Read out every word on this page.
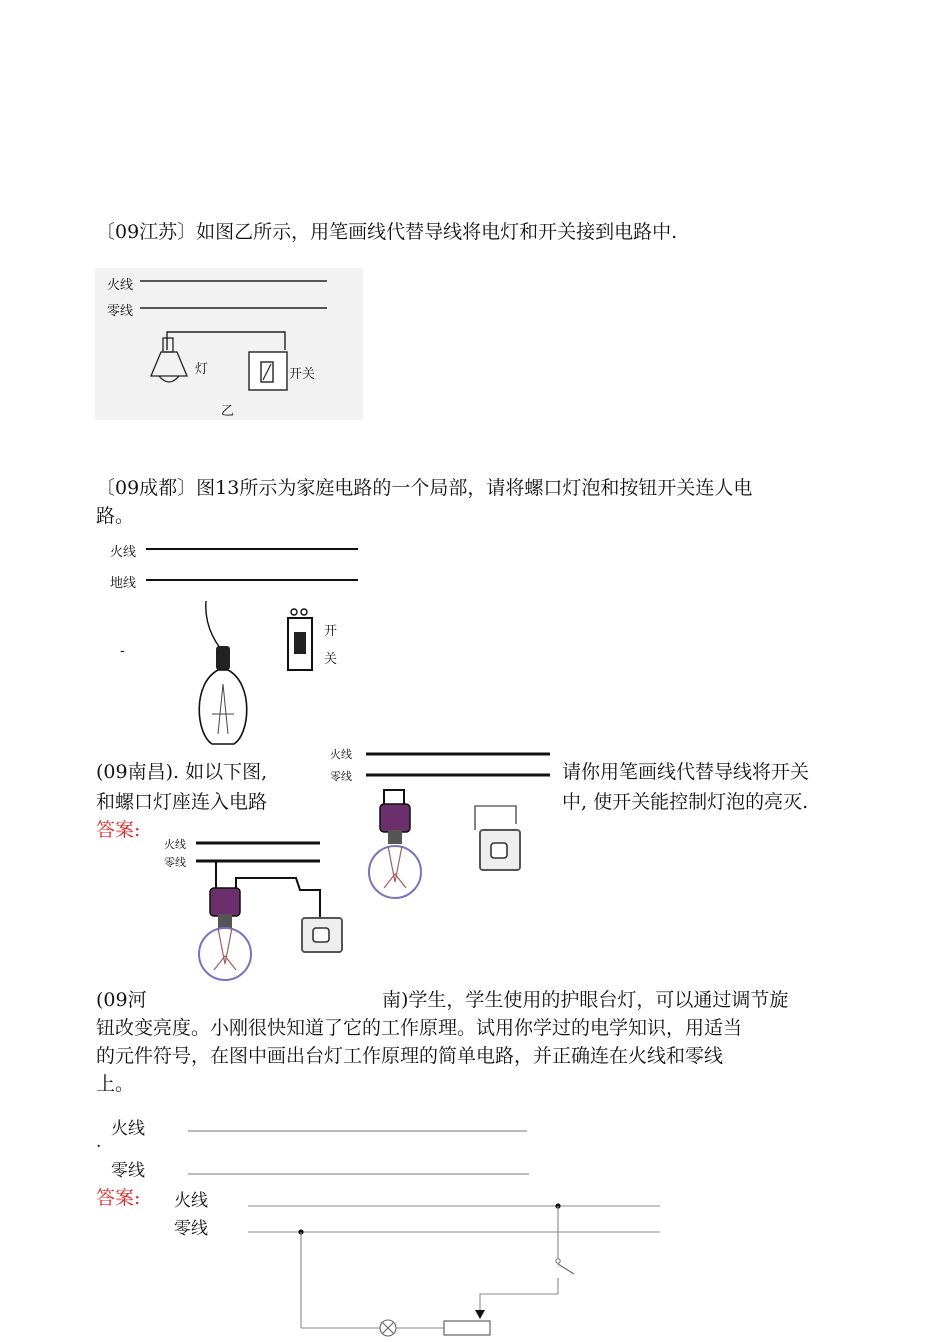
〔09江苏〕如图乙所示，用笔画线代替导线将电灯和开关接到电路中.
火线
零线
灯	开关
乙
〔09成都〕图13所示为家庭电路的一个局部，请将螺口灯泡和按钮开关连人电
路。
火线
地线
开
关
-
(09南昌). 如以下图,	请你用笔画线代替导线将开关
和螺口灯座连入电路	中, 使开关能控制灯泡的亮灭.
答案:
火线
零线
火线
零线
(09河	南)学生，学生使用的护眼台灯，可以通过调节旋
钮改变亮度。小刚很快知道了它的工作原理。试用你学过的电学知识，用适当
的元件符号，在图中画出台灯工作原理的简单电路，并正确连在火线和零线
上。
火线
.
零线
答案: 火线
零线
